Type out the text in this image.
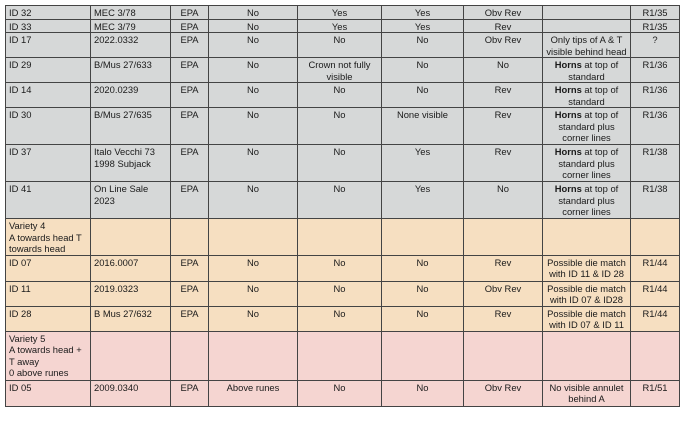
ID 32	MEC 3/78	EPA	No	Yes	Yes	Obv Rev		R1/35
ID 33	MEC 3/79	EPA	No	Yes	Yes	Rev		R1/35
ID 17	2022.0332	EPA	No	No	No	Obv Rev	Only tips of A & T visible behind head	?
ID 29	B/Mus 27/633	EPA	No	Crown not fully visible	No	No	Horns at top of standard	R1/36
ID 14	2020.0239	EPA	No	No	No	Rev	Horns at top of standard	R1/36
ID 30	B/Mus 27/635	EPA	No	No	None visible	Rev	Horns at top of standard plus corner lines	R1/36
ID 37	Italo Vecchi 73 1998 Subjack	EPA	No	No	Yes	Rev	Horns at top of standard plus corner lines	R1/38
ID 41	On Line Sale 2023	EPA	No	No	Yes	No	Horns at top of standard plus corner lines	R1/38
Variety 4
A towards head T towards head								
ID 07	2016.0007	EPA	No	No	No	Rev	Possible die match with ID 11 & ID 28	R1/44
ID 11	2019.0323	EPA	No	No	No	Obv Rev	Possible die match with ID 07 & ID28	R1/44
ID 28	B Mus 27/632	EPA	No	No	No	Rev	Possible die match with ID 07 & ID 11	R1/44
Variety 5
A towards head + T away
0 above runes								
ID 05	2009.0340	EPA	Above runes	No	No	Obv Rev	No visible annulet behind A	R1/51
